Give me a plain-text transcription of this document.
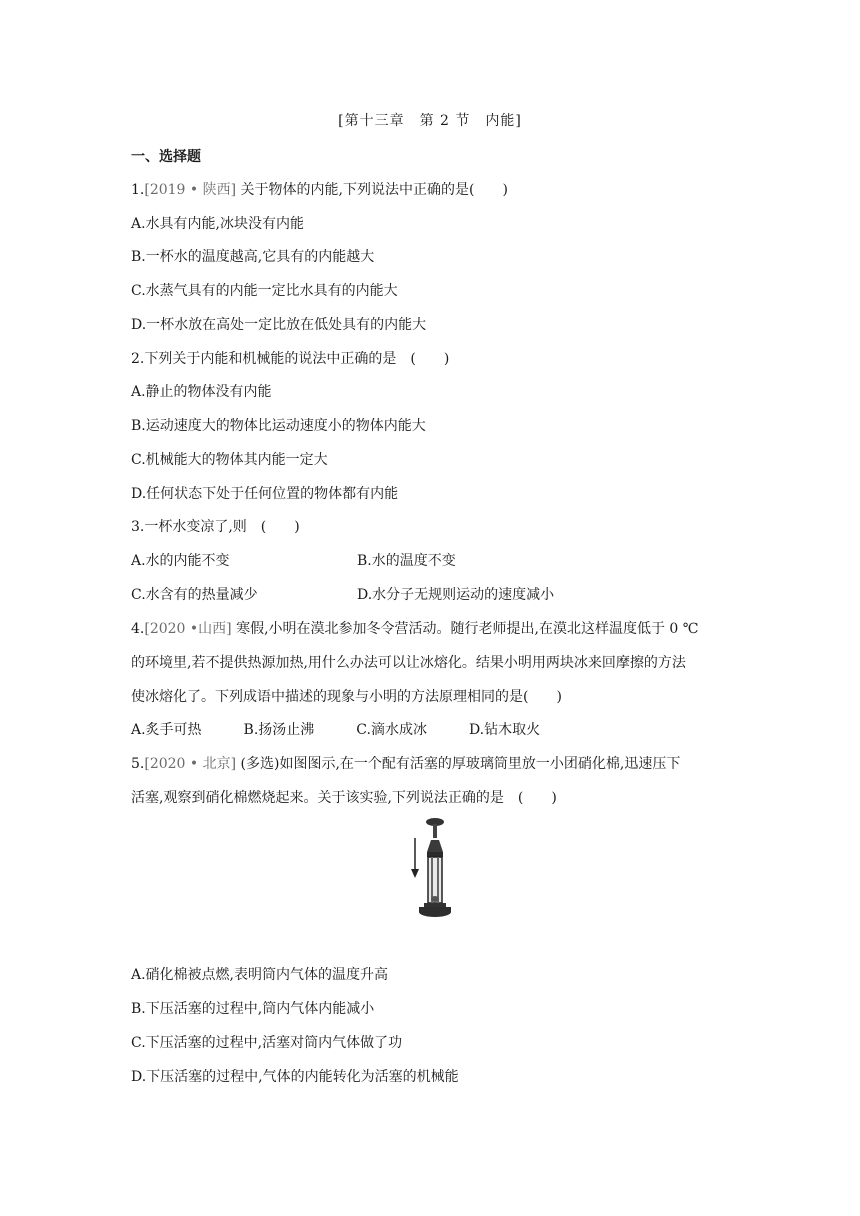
[第十三章　第 2 节　内能]
一、选择题
1.[2019 • 陕西] 关于物体的内能,下列说法中正确的是(　　)
A.水具有内能,冰块没有内能
B.一杯水的温度越高,它具有的内能越大
C.水蒸气具有的内能一定比水具有的内能大
D.一杯水放在高处一定比放在低处具有的内能大
2.下列关于内能和机械能的说法中正确的是　(　　)
A.静止的物体没有内能
B.运动速度大的物体比运动速度小的物体内能大
C.机械能大的物体其内能一定大
D.任何状态下处于任何位置的物体都有内能
3.一杯水变凉了,则　(　　)
A.水的内能不变	B.水的温度不变
C.水含有的热量减少	D.水分子无规则运动的速度减小
4.[2020 •山西] 寒假,小明在漠北参加冬令营活动。随行老师提出,在漠北这样温度低于 0 ℃
的环境里,若不提供热源加热,用什么办法可以让冰熔化。结果小明用两块冰来回摩擦的方法
使冰熔化了。下列成语中描述的现象与小明的方法原理相同的是(　　)
A.炙手可热　　　B.扬汤止沸　　　C.滴水成冰　　　D.钻木取火
5.[2020 • 北京] (多选)如图图示,在一个配有活塞的厚玻璃筒里放一小团硝化棉,迅速压下
活塞,观察到硝化棉燃烧起来。关于该实验,下列说法正确的是　(　　)
A.硝化棉被点燃,表明筒内气体的温度升高
B.下压活塞的过程中,筒内气体内能减小
C.下压活塞的过程中,活塞对筒内气体做了功
D.下压活塞的过程中,气体的内能转化为活塞的机械能
